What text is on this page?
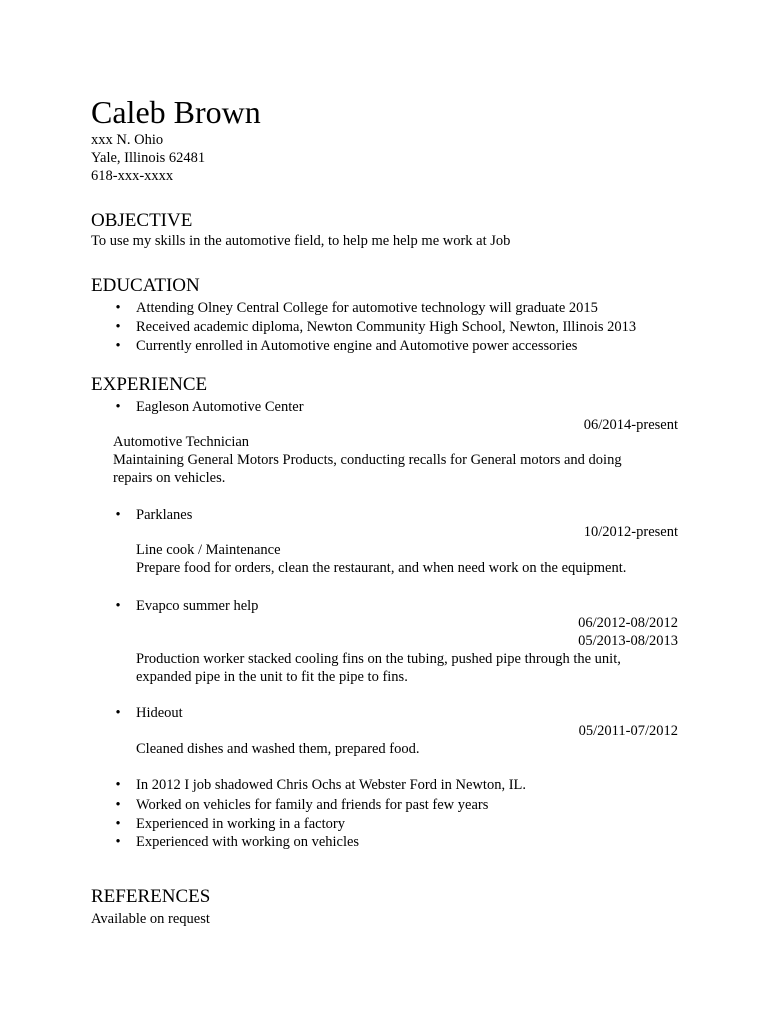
Caleb Brown
xxx N. Ohio
Yale, Illinois 62481
618-xxx-xxxx
OBJECTIVE
To use my skills in the automotive field, to help me help me work at Job
EDUCATION
• Attending Olney Central College for automotive technology will graduate 2015
• Received academic diploma, Newton Community High School, Newton, Illinois 2013
• Currently enrolled in Automotive engine and Automotive power accessories
EXPERIENCE
• Eagleson Automotive Center
06/2014-present
Automotive Technician
Maintaining General Motors Products, conducting recalls for General motors and doing
repairs on vehicles.
• Parklanes
10/2012-present
Line cook / Maintenance
Prepare food for orders, clean the restaurant, and when need work on the equipment.
• Evapco summer help
06/2012-08/2012
05/2013-08/2013
Production worker stacked cooling fins on the tubing, pushed pipe through the unit,
expanded pipe in the unit to fit the pipe to fins.
• Hideout
05/2011-07/2012
Cleaned dishes and washed them, prepared food.
• In 2012 I job shadowed Chris Ochs at Webster Ford in Newton, IL.
• Worked on vehicles for family and friends for past few years
• Experienced in working in a factory
• Experienced with working on vehicles
REFERENCES
Available on request
